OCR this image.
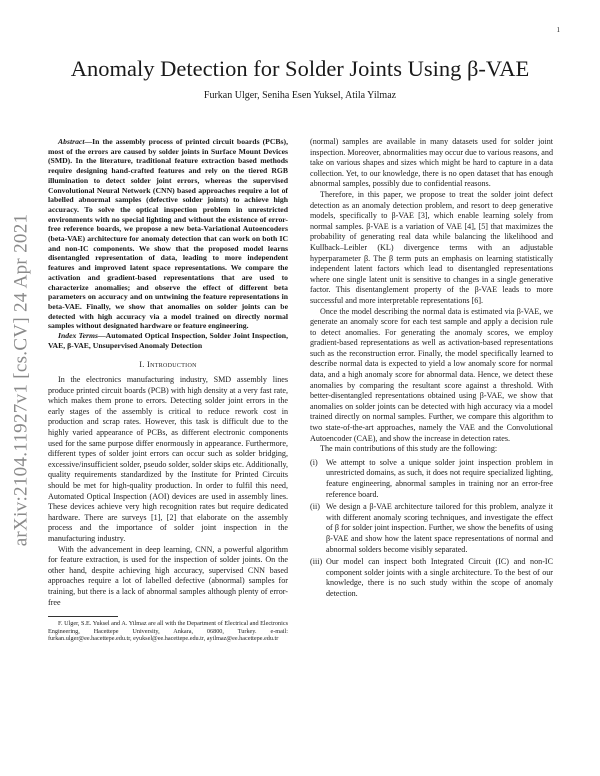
1
arXiv:2104.11927v1 [cs.CV] 24 Apr 2021
Anomaly Detection for Solder Joints Using β-VAE
Furkan Ulger, Seniha Esen Yuksel, Atila Yilmaz

Abstract—In the assembly process of printed circuit boards (PCBs), most of the errors are caused by solder joints in Surface Mount Devices (SMD). In the literature, traditional feature extraction based methods require designing hand-crafted features and rely on the tiered RGB illumination to detect solder joint errors, whereas the supervised Convolutional Neural Network (CNN) based approaches require a lot of labelled abnormal samples (defective solder joints) to achieve high accuracy. To solve the optical inspection problem in unrestricted environments with no special lighting and without the existence of error-free reference boards, we propose a new beta-Variational Autoencoders (beta-VAE) architecture for anomaly detection that can work on both IC and non-IC components. We show that the proposed model learns disentangled representation of data, leading to more independent features and improved latent space representations. We compare the activation and gradient-based representations that are used to characterize anomalies; and observe the effect of different beta parameters on accuracy and on untwining the feature representations in beta-VAE. Finally, we show that anomalies on solder joints can be detected with high accuracy via a model trained on directly normal samples without designated hardware or feature engineering.

Index Terms—Automated Optical Inspection, Solder Joint Inspection, VAE, β-VAE, Unsupervised Anomaly Detection

I. Introduction

In the electronics manufacturing industry, SMD assembly lines produce printed circuit boards (PCB) with high density at a very fast rate, which makes them prone to errors. Detecting solder joint errors in the early stages of the assembly is critical to reduce rework cost in production and scrap rates. However, this task is difficult due to the highly varied appearance of PCBs, as different electronic components used for the same purpose differ enormously in appearance. Furthermore, different types of solder joint errors can occur such as solder bridging, excessive/insufficient solder, pseudo solder, solder skips etc. Additionally, quality requirements standardized by the Institute for Printed Circuits should be met for high-quality production. In order to fulfil this need, Automated Optical Inspection (AOI) devices are used in assembly lines. These devices achieve very high recognition rates but require dedicated hardware. There are surveys [1], [2] that elaborate on the assembly process and the importance of solder joint inspection in the manufacturing industry.

With the advancement in deep learning, CNN, a powerful algorithm for feature extraction, is used for the inspection of solder joints. On the other hand, despite achieving high accuracy, supervised CNN based approaches require a lot of labelled defective (abnormal) samples for training, but there is a lack of abnormal samples although plenty of error-free

F. Ulger, S.E. Yuksel and A. Yilmaz are all with the Department of Electrical and Electronics Engineering, Hacettepe University, Ankara, 06800, Turkey. e-mail: furkan.ulger@ee.hacettepe.edu.tr, eyuksel@ee.hacettepe.edu.tr, ayilmaz@ee.hacettepe.edu.tr

(normal) samples are available in many datasets used for solder joint inspection. Moreover, abnormalities may occur due to various reasons, and take on various shapes and sizes which might be hard to capture in a data collection. Yet, to our knowledge, there is no open dataset that has enough abnormal samples, possibly due to confidential reasons.

Therefore, in this paper, we propose to treat the solder joint defect detection as an anomaly detection problem, and resort to deep generative models, specifically to β-VAE [3], which enable learning solely from normal samples. β-VAE is a variation of VAE [4], [5] that maximizes the probability of generating real data while balancing the likelihood and Kullback–Leibler (KL) divergence terms with an adjustable hyperparameter β. The β term puts an emphasis on learning statistically independent latent factors which lead to disentangled representations where one single latent unit is sensitive to changes in a single generative factor. This disentanglement property of the β-VAE leads to more successful and more interpretable representations [6].

Once the model describing the normal data is estimated via β-VAE, we generate an anomaly score for each test sample and apply a decision rule to detect anomalies. For generating the anomaly scores, we employ gradient-based representations as well as activation-based representations such as the reconstruction error. Finally, the model specifically learned to describe normal data is expected to yield a low anomaly score for normal data, and a high anomaly score for abnormal data. Hence, we detect these anomalies by comparing the resultant score against a threshold. With better-disentangled representations obtained using β-VAE, we show that anomalies on solder joints can be detected with high accuracy via a model trained directly on normal samples. Further, we compare this algorithm to two state-of-the-art approaches, namely the VAE and the Convolutional Autoencoder (CAE), and show the increase in detection rates.

The main contributions of this study are the following:

(i)	We attempt to solve a unique solder joint inspection problem in unrestricted domains, as such, it does not require specialized lighting, feature engineering, abnormal samples in training nor an error-free reference board.
(ii) We design a β-VAE architecture tailored for this problem, analyze it with different anomaly scoring techniques, and investigate the effect of β for solder joint inspection. Further, we show the benefits of using β-VAE and show how the latent space representations of normal and abnormal solders become visibly separated.
(iii) Our model can inspect both Integrated Circuit (IC) and non-IC component solder joints with a single architecture. To the best of our knowledge, there is no such study within the scope of anomaly detection.
